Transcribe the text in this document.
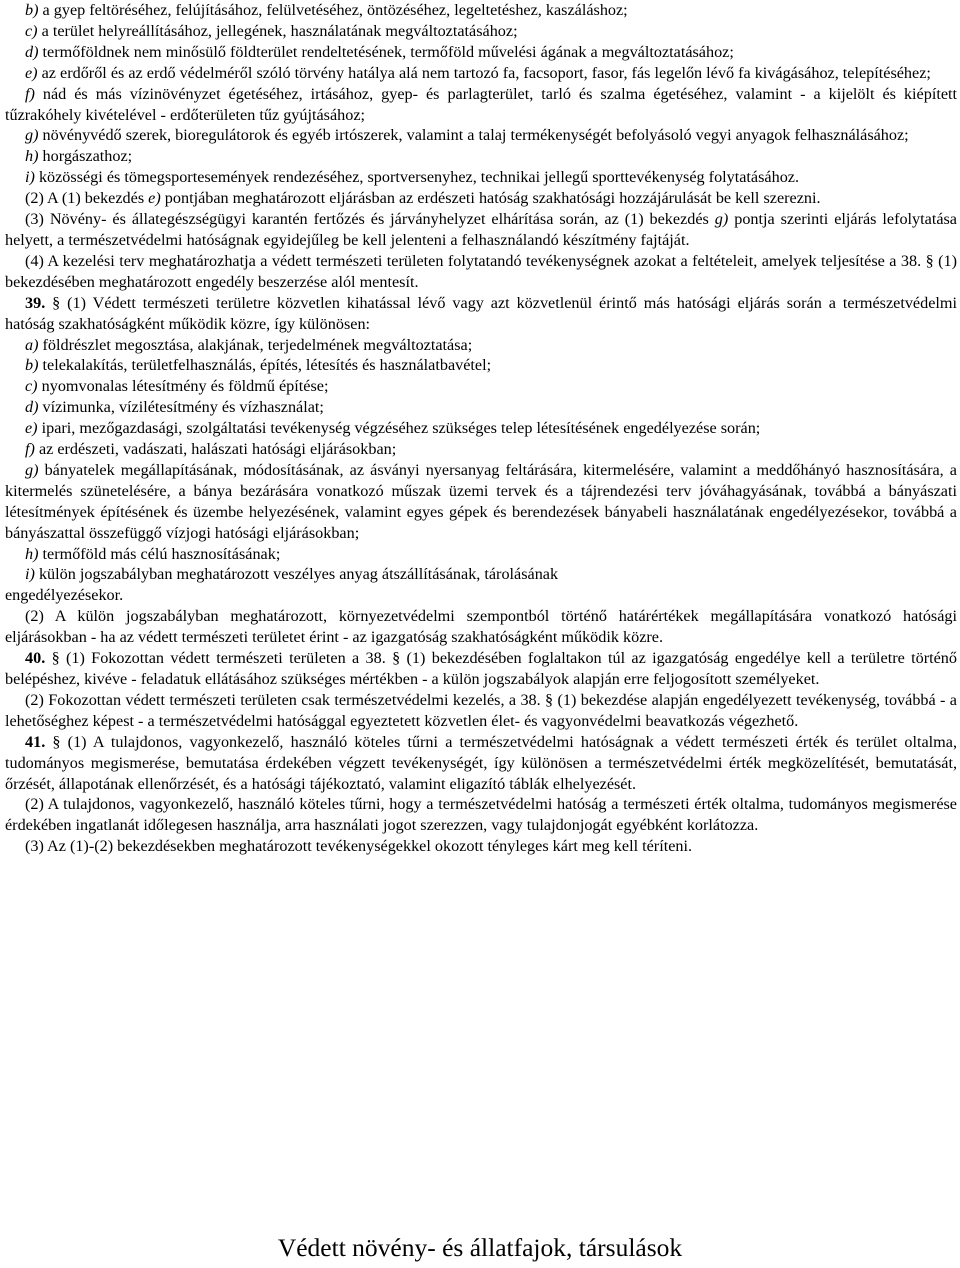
b) a gyep feltöréséhez, felújításához, felülvetéséhez, öntözéséhez, legeltetéshez, kaszáláshoz;

c) a terület helyreállításához, jellegének, használatának megváltoztatásához;

d) termőföldnek nem minősülő földterület rendeltetésének, termőföld művelési ágának a megváltoztatásához;

e) az erdőről és az erdő védelméről szóló törvény hatálya alá nem tartozó fa, facsoport, fasor, fás legelőn lévő fa kivágásához, telepítéséhez;

f) nád és más vízinövényzet égetéséhez, irtásához, gyep- és parlagterület, tarló és szalma égetéséhez, valamint - a kijelölt és kiépített tűzrakóhely kivételével - erdőterületen tűz gyújtásához;

g) növényvédő szerek, bioregulátorok és egyéb irtószerek, valamint a talaj termékenységét befolyásoló vegyi anyagok felhasználásához;

h) horgászathoz;

i) közösségi és tömegsportesemények rendezéséhez, sportversenyhez, technikai jellegű sporttevékenység folytatásához.

(2) A (1) bekezdés e) pontjában meghatározott eljárásban az erdészeti hatóság szakhatósági hozzájárulását be kell szerezni.

(3) Növény- és állategészségügyi karantén fertőzés és járványhelyzet elhárítása során, az (1) bekezdés g) pontja szerinti eljárás lefolytatása helyett, a természetvédelmi hatóságnak egyidejűleg be kell jelenteni a felhasználandó készítmény fajtáját.

(4) A kezelési terv meghatározhatja a védett természeti területen folytatandó tevékenységnek azokat a feltételeit, amelyek teljesítése a 38. § (1) bekezdésében meghatározott engedély beszerzése alól mentesít.

39. § (1) Védett természeti területre közvetlen kihatással lévő vagy azt közvetlenül érintő más hatósági eljárás során a természetvédelmi hatóság szakhatóságként működik közre, így különösen:

a) földrészlet megosztása, alakjának, terjedelmének megváltoztatása;

b) telekalakítás, területfelhasználás, építés, létesítés és használatbavétel;

c) nyomvonalas létesítmény és földmű építése;

d) vízimunka, vízilétesítmény és vízhasználat;

e) ipari, mezőgazdasági, szolgáltatási tevékenység végzéséhez szükséges telep létesítésének engedélyezése során;

f) az erdészeti, vadászati, halászati hatósági eljárásokban;

g) bányatelek megállapításának, módosításának, az ásványi nyersanyag feltárására, kitermelésére, valamint a meddőhányó hasznosítására, a kitermelés szünetelésére, a bánya bezárására vonatkozó műszak üzemi tervek és a tájrendezési terv jóváhagyásának, továbbá a bányászati létesítmények építésének és üzembe helyezésének, valamint egyes gépek és berendezések bányabeli használatának engedélyezésekor, továbbá a bányászattal összefüggő vízjogi hatósági eljárásokban;

h) termőföld más célú hasznosításának;

i) külön jogszabályban meghatározott veszélyes anyag átszállításának, tárolásának

engedélyezésekor.

(2) A külön jogszabályban meghatározott, környezetvédelmi szempontból történő határértékek megállapítására vonatkozó hatósági eljárásokban - ha az védett természeti területet érint - az igazgatóság szakhatóságként működik közre.

40. § (1) Fokozottan védett természeti területen a 38. § (1) bekezdésében foglaltakon túl az igazgatóság engedélye kell a területre történő belépéshez, kivéve - feladatuk ellátásához szükséges mértékben - a külön jogszabályok alapján erre feljogosított személyeket.

(2) Fokozottan védett természeti területen csak természetvédelmi kezelés, a 38. § (1) bekezdése alapján engedélyezett tevékenység, továbbá - a lehetőséghez képest - a természetvédelmi hatósággal egyeztetett közvetlen élet- és vagyonvédelmi beavatkozás végezhető.

41. § (1) A tulajdonos, vagyonkezelő, használó köteles tűrni a természetvédelmi hatóságnak a védett természeti érték és terület oltalma, tudományos megismerése, bemutatása érdekében végzett tevékenységét, így különösen a természetvédelmi érték megközelítését, bemutatását, őrzését, állapotának ellenőrzését, és a hatósági tájékoztató, valamint eligazító táblák elhelyezését.

(2) A tulajdonos, vagyonkezelő, használó köteles tűrni, hogy a természetvédelmi hatóság a természeti érték oltalma, tudományos megismerése érdekében ingatlanát időlegesen használja, arra használati jogot szerezzen, vagy tulajdonjogát egyébként korlátozza.

(3) Az (1)-(2) bekezdésekben meghatározott tevékenységekkel okozott tényleges kárt meg kell téríteni.

Védett növény- és állatfajok, társulások
